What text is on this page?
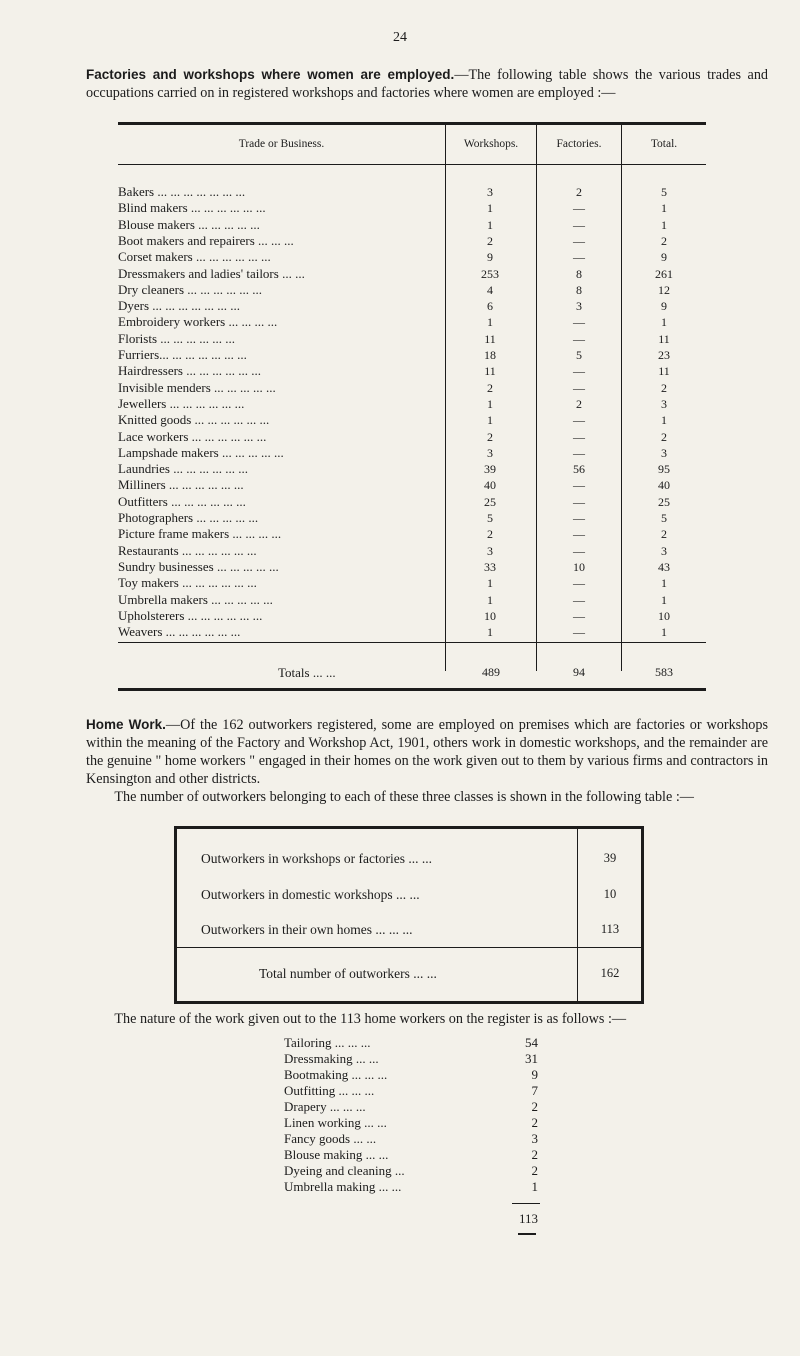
24
Factories and workshops where women are employed.—The following table shows the various trades and occupations carried on in registered workshops and factories where women are employed :—
Trade or Business.	Workshops.	Factories.	Total.
Bakers ... ... ... ... ... ... ...	3	2	5
Blind makers ... ... ... ... ... ...	1	—	1
Blouse makers ... ... ... ... ...	1	—	1
Boot makers and repairers ... ... ...	2	—	2
Corset makers ... ... ... ... ... ...	9	—	9
Dressmakers and ladies' tailors ... ...	253	8	261
Dry cleaners ... ... ... ... ... ...	4	8	12
Dyers ... ... ... ... ... ... ...	6	3	9
Embroidery workers ... ... ... ...	1	—	1
Florists ... ... ... ... ... ...	11	—	11
Furriers... ... ... ... ... ... ...	18	5	23
Hairdressers ... ... ... ... ... ...	11	—	11
Invisible menders ... ... ... ... ...	2	—	2
Jewellers ... ... ... ... ... ...	1	2	3
Knitted goods ... ... ... ... ... ...	1	—	1
Lace workers ... ... ... ... ... ...	2	—	2
Lampshade makers ... ... ... ... ...	3	—	3
Laundries ... ... ... ... ... ...	39	56	95
Milliners ... ... ... ... ... ...	40	—	40
Outfitters ... ... ... ... ... ...	25	—	25
Photographers ... ... ... ... ...	5	—	5
Picture frame makers ... ... ... ...	2	—	2
Restaurants ... ... ... ... ... ...	3	—	3
Sundry businesses ... ... ... ... ...	33	10	43
Toy makers ... ... ... ... ... ...	1	—	1
Umbrella makers ... ... ... ... ...	1	—	1
Upholsterers ... ... ... ... ... ...	10	—	10
Weavers ... ... ... ... ... ...	1	—	1
Totals ... ...	489	94	583
Home Work.—Of the 162 outworkers registered, some are employed on premises which are factories or workshops within the meaning of the Factory and Workshop Act, 1901, others work in domestic workshops, and the remainder are the genuine " home workers " engaged in their homes on the work given out to them by various firms and contractors in Kensington and other districts.
The number of outworkers belonging to each of these three classes is shown in the following table :—
Outworkers in workshops or factories ... ...	39
Outworkers in domestic workshops ... ...	10
Outworkers in their own homes ... ... ...	113
Total number of outworkers ... ...	162
The nature of the work given out to the 113 home workers on the register is as follows :—
Tailoring ... ... ...	54
Dressmaking ... ...	31
Bootmaking ... ... ...	9
Outfitting ... ... ...	7
Drapery ... ... ...	2
Linen working ... ...	2
Fancy goods ... ...	3
Blouse making ... ...	2
Dyeing and cleaning ...	2
Umbrella making ... ...	1
113
